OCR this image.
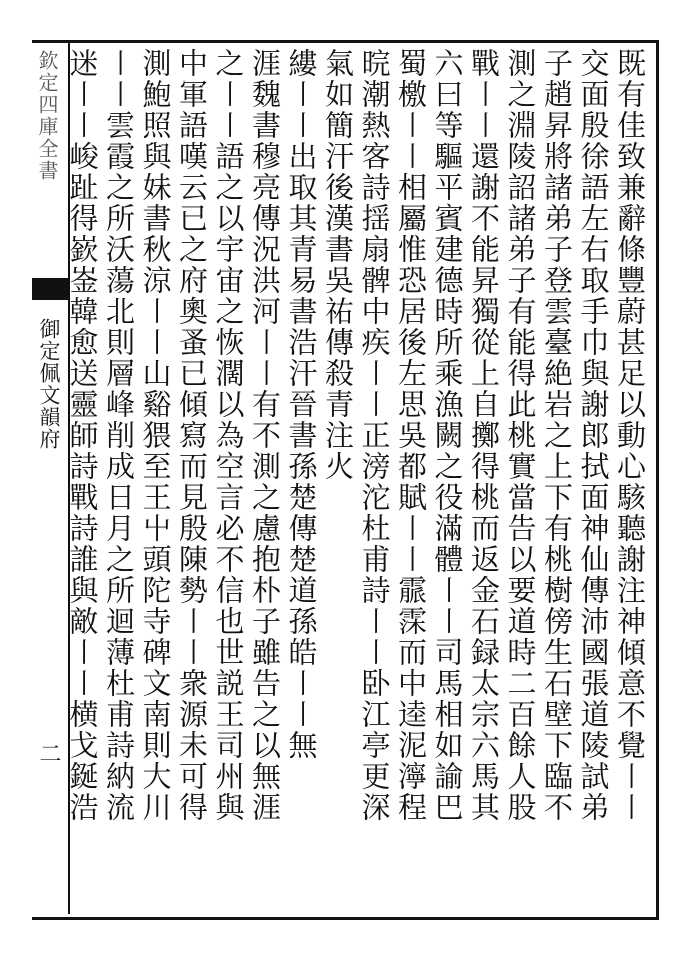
欽定四庫全書
御定佩文韻府
二	既有佳致兼辭條豐蔚甚足以動心駭聽謝注神傾意不覺〡〡
交面殷徐語左右取手巾與謝郎拭面神仙傳沛國張道陵試弟
子趙昇將諸弟子登雲臺絶岩之上下有桃樹傍生石壁下臨不
測之淵陵詔諸弟子有能得此桃實當告以要道時二百餘人股
戰〡〡還謝不能昇獨從上自擲得桃而返金石録太宗六馬其
六曰等驅平賓建德時所乘漁闕之役滿體〡〡司馬相如諭巴
蜀檄〡〡相屬惟恐居後左思吳都賦〡〡霢霂而中逵泥濘程
晥潮熱客詩揺扇髀中疾〡〡正滂沱杜甫詩〡〡卧江亭更深
氣如簡汗後漢書吳祐傳殺青注火
縷〡〡出取其青易書浩汗晉書孫楚傳楚道孫皓〡〡無
涯魏書穆亮傳況洪河〡〡有不測之慮抱朴子雖告之以無涯
之〡〡語之以宇宙之恢濶以為空言必不信也世説王司州與
中軍語嘆云已之府奧蚤已傾寫而見殷陳勢〡〡衆源未可得
測鮑照與妹書秋涼〡〡山谿猥至王屮頭陀寺碑文南則大川
〡〡雲霞之所沃蕩北則層峰削成日月之所迴薄杜甫詩納流
迷〡〡峻趾得嶔崟韓愈送靈師詩戰詩誰與敵〡〡横戈鋋浩
